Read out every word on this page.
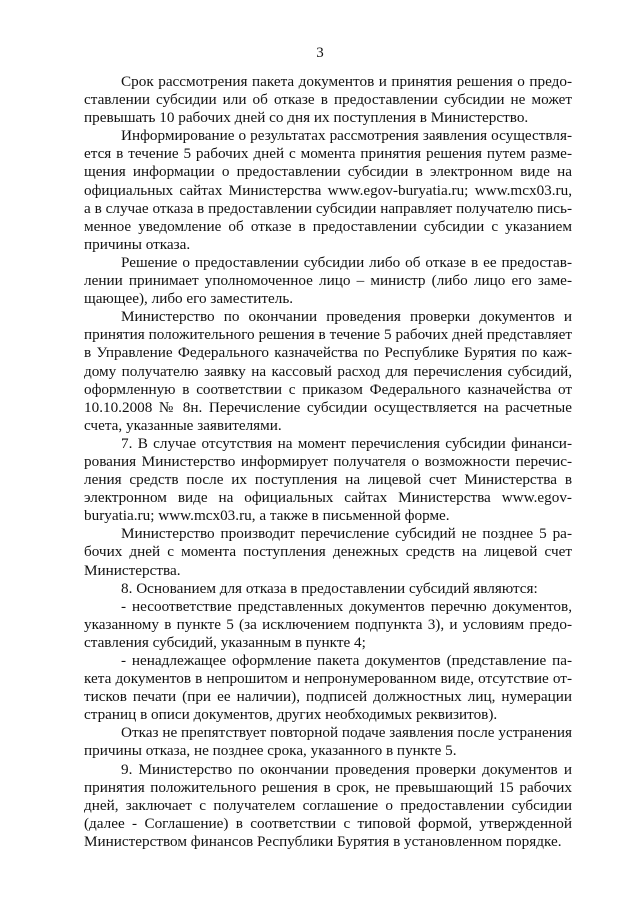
3

Срок рассмотрения пакета документов и принятия решения о предоставлении субсидии или об отказе в предоставлении субсидии не может превышать 10 рабочих дней со дня их поступления в Министерство.

Информирование о результатах рассмотрения заявления осуществляется в течение 5 рабочих дней с момента принятия решения путем размещения информации о предоставлении субсидии в электронном виде на официальных сайтах Министерства www.egov-buryatia.ru; www.mcx03.ru, а в случае отказа в предоставлении субсидии направляет получателю письменное уведомление об отказе в предоставлении субсидии с указанием причины отказа.

Решение о предоставлении субсидии либо об отказе в ее предоставлении принимает уполномоченное лицо – министр (либо лицо его замещающее), либо его заместитель.

Министерство по окончании проведения проверки документов и принятия положительного решения в течение 5 рабочих дней представляет в Управление Федерального казначейства по Республике Бурятия по каждому получателю заявку на кассовый расход для перечисления субсидий, оформленную в соответствии с приказом Федерального казначейства от 10.10.2008 № 8н. Перечисление субсидии осуществляется на расчетные счета, указанные заявителями.

7. В случае отсутствия на момент перечисления субсидии финансирования Министерство информирует получателя о возможности перечисления средств после их поступления на лицевой счет Министерства в электронном виде на официальных сайтах Министерства www.egov-buryatia.ru; www.mcx03.ru, а также в письменной форме.

Министерство производит перечисление субсидий не позднее 5 рабочих дней с момента поступления денежных средств на лицевой счет Министерства.

8. Основанием для отказа в предоставлении субсидий являются:

- несоответствие представленных документов перечню документов, указанному в пункте 5 (за исключением подпункта 3), и условиям предоставления субсидий, указанным в пункте 4;

- ненадлежащее оформление пакета документов (представление пакета документов в непрошитом и непронумерованном виде, отсутствие оттисков печати (при ее наличии), подписей должностных лиц, нумерации страниц в описи документов, других необходимых реквизитов).

Отказ не препятствует повторной подаче заявления после устранения причины отказа, не позднее срока, указанного в пункте 5.

9. Министерство по окончании проведения проверки документов и принятия положительного решения в срок, не превышающий 15 рабочих дней, заключает с получателем соглашение о предоставлении субсидии (далее - Соглашение) в соответствии с типовой формой, утвержденной Министерством финансов Республики Бурятия в установленном порядке.
